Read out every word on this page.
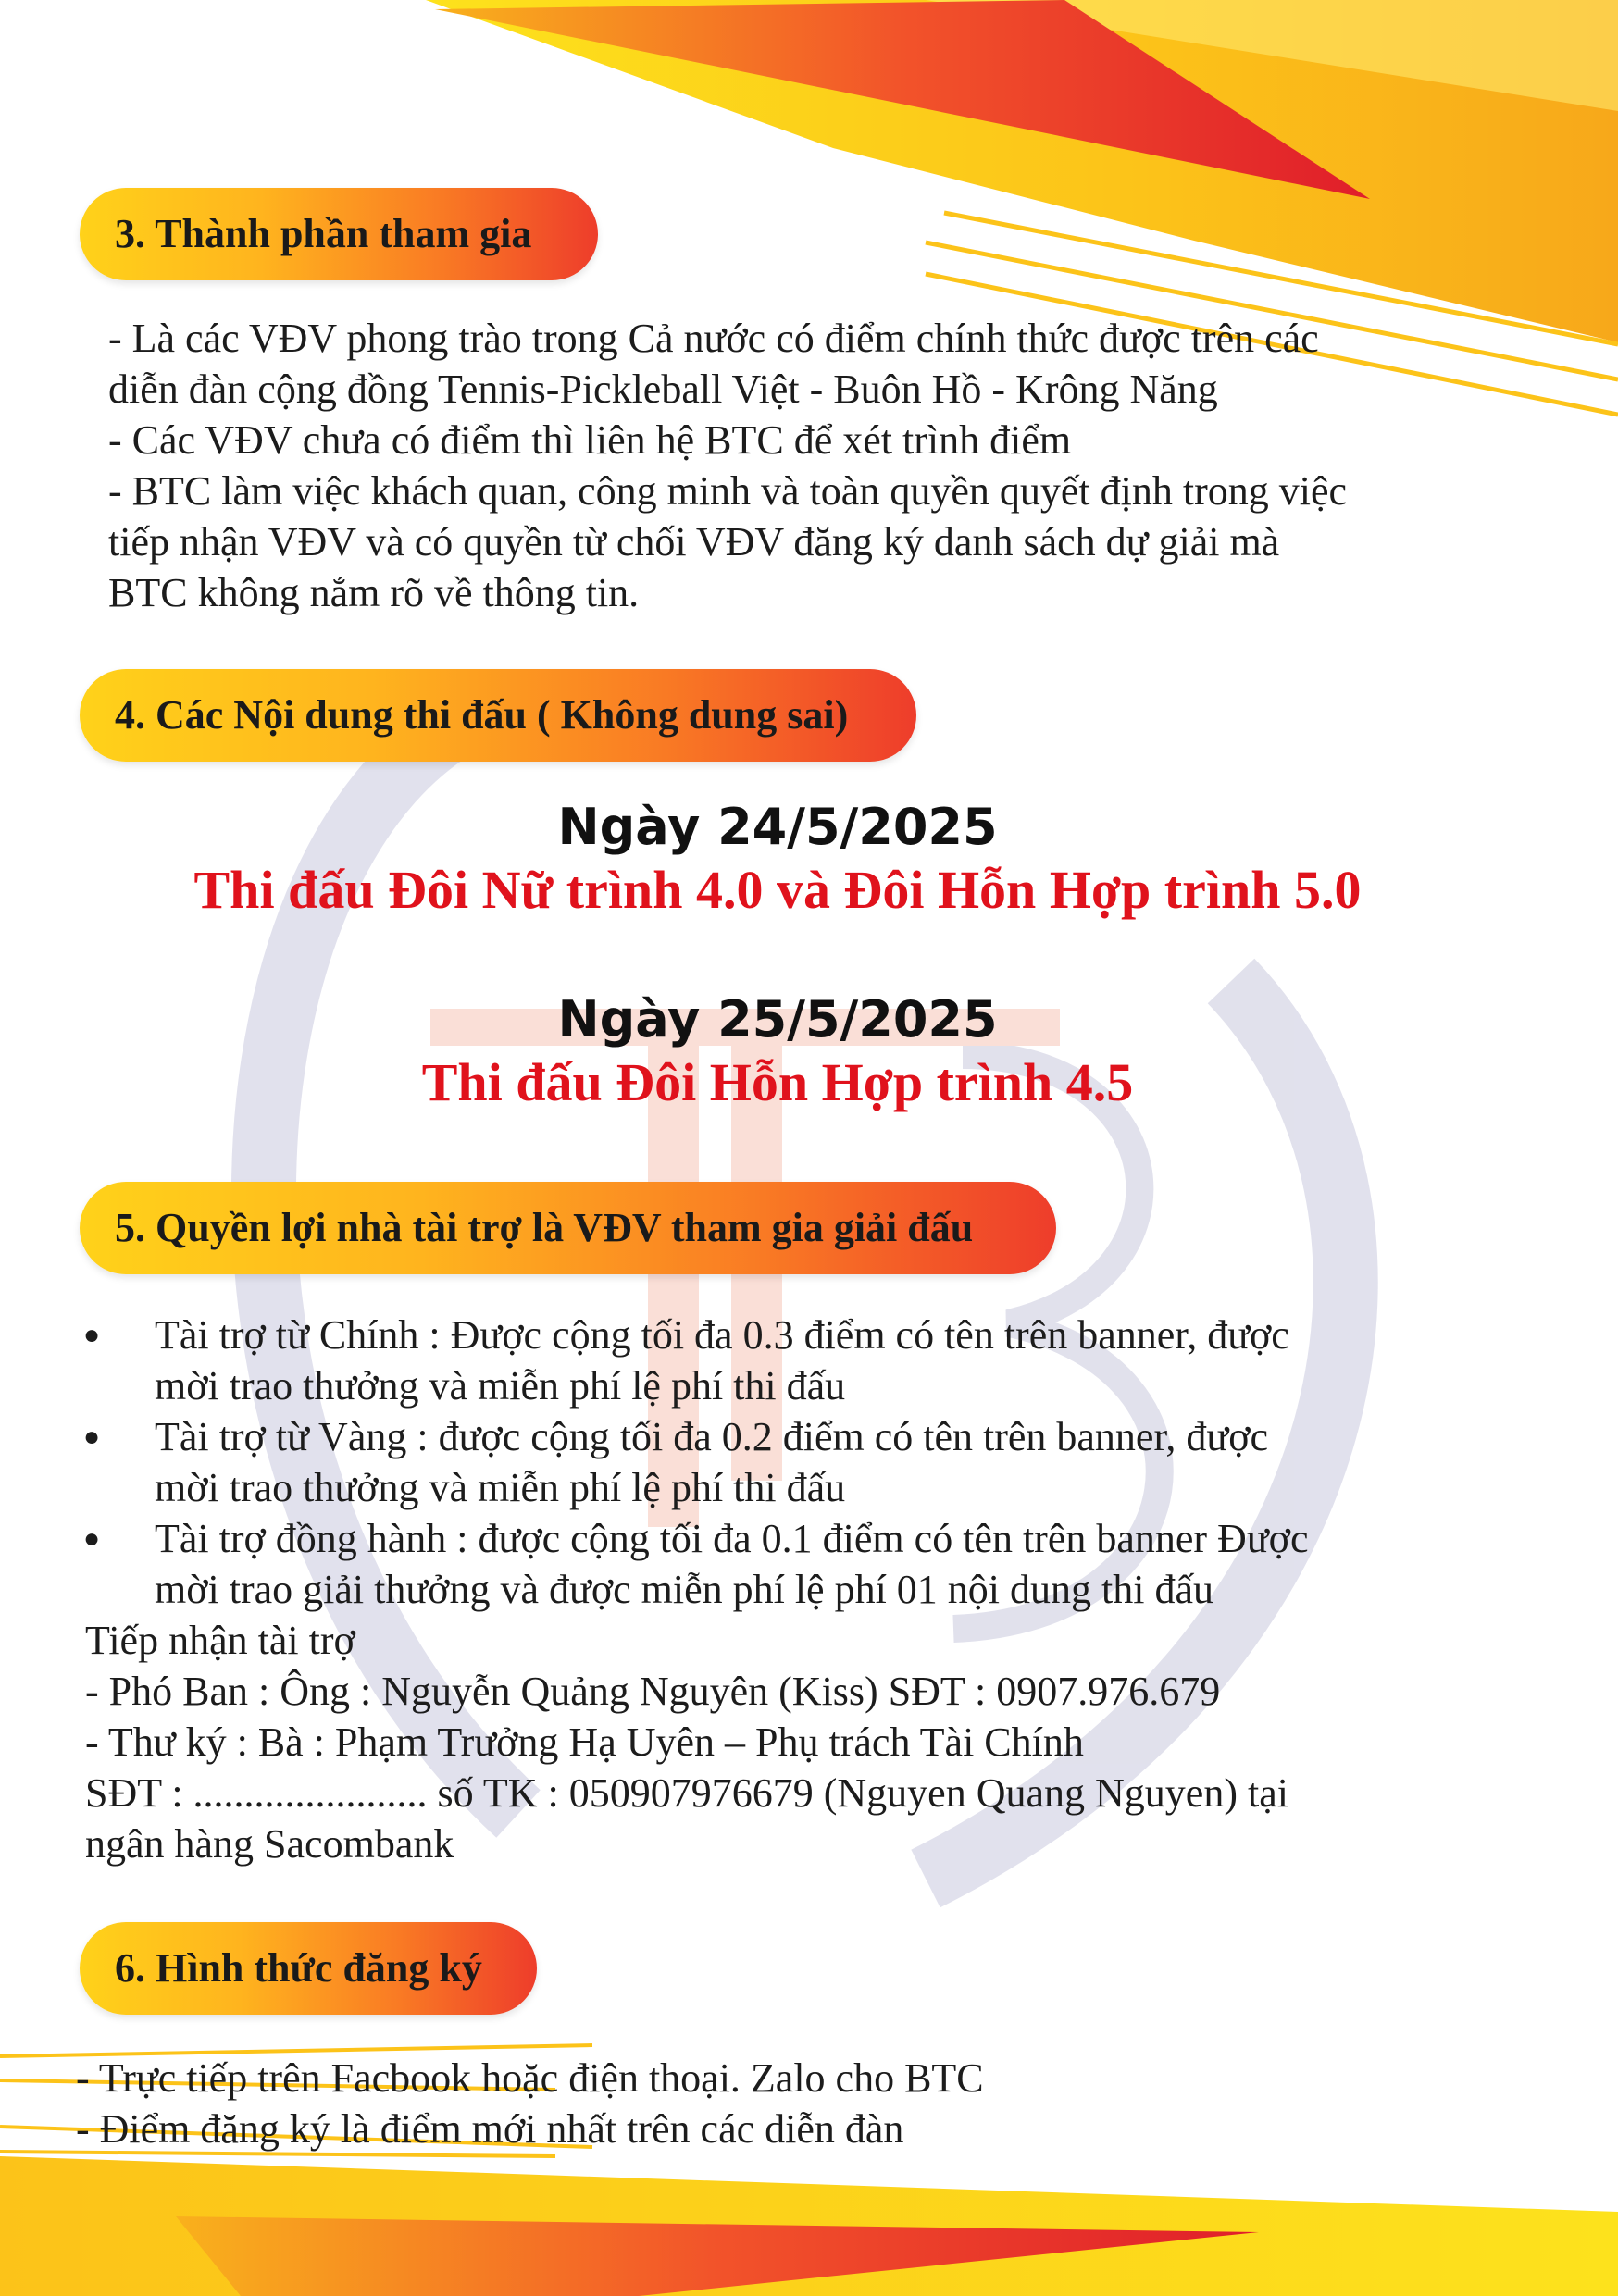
3. Thành phần tham gia
- Là các VĐV phong trào trong Cả nước có điểm chính thức được trên các
diễn đàn cộng đồng Tennis-Pickleball Việt - Buôn Hồ - Krông Năng
- Các VĐV chưa có điểm thì liên hệ BTC để xét trình điểm
- BTC làm việc khách quan, công minh và toàn quyền quyết định trong việc
tiếp nhận VĐV và có quyền từ chối VĐV đăng ký danh sách dự giải mà
BTC không nắm rõ về thông tin.
4. Các Nội dung thi đấu ( Không dung sai)
Ngày 24/5/2025
Thi đấu Đôi Nữ trình 4.0 và Đôi Hỗn Hợp trình 5.0
Ngày 25/5/2025
Thi đấu Đôi Hỗn Hợp trình 4.5
5. Quyền lợi nhà tài trợ là VĐV tham gia giải đấu
● Tài trợ từ Chính : Được cộng tối đa 0.3 điểm có tên trên banner, được
mời trao thưởng và miễn phí lệ phí thi đấu
● Tài trợ từ Vàng : được cộng tối đa 0.2 điểm có tên trên banner, được
mời trao thưởng và miễn phí lệ phí thi đấu
● Tài trợ đồng hành : được cộng tối đa 0.1 điểm có tên trên banner Được
mời trao giải thưởng và được miễn phí lệ phí 01 nội dung thi đấu
Tiếp nhận tài trợ
- Phó Ban : Ông : Nguyễn Quảng Nguyên (Kiss) SĐT : 0907.976.679
- Thư ký : Bà : Phạm Trưởng Hạ Uyên – Phụ trách Tài Chính
SĐT : ....................... số TK : 050907976679 (Nguyen Quang Nguyen) tại
ngân hàng Sacombank
6. Hình thức đăng ký
- Trực tiếp trên Facbook hoặc điện thoại. Zalo cho BTC
- Điểm đăng ký là điểm mới nhất trên các diễn đàn
